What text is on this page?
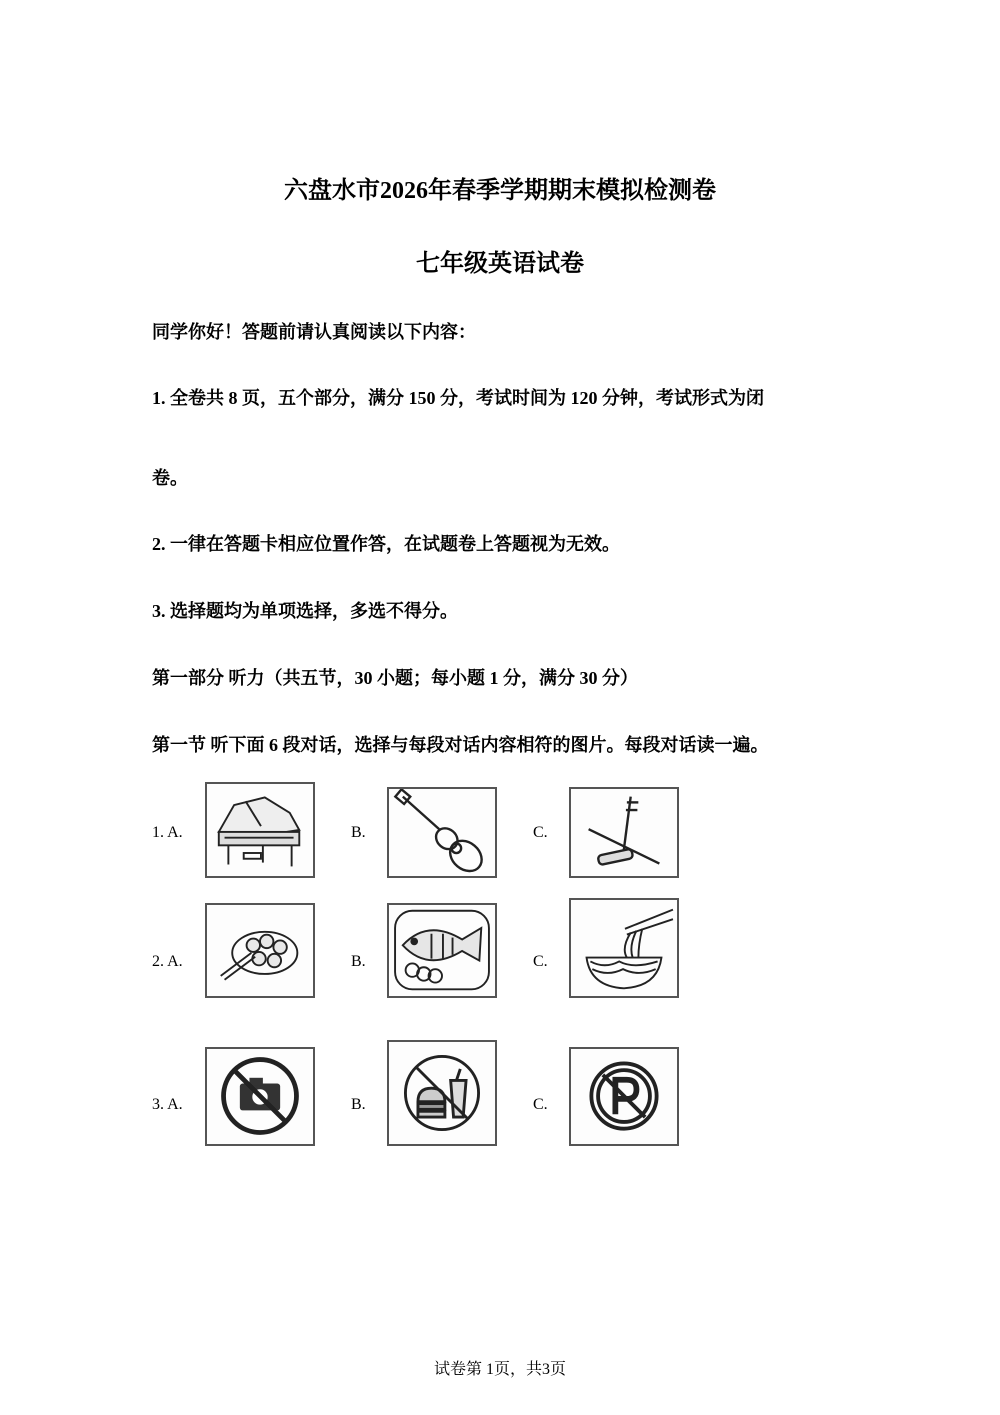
六盘水市2026年春季学期期末模拟检测卷
七年级英语试卷
同学你好！答题前请认真阅读以下内容：
1. 全卷共 8 页，五个部分，满分 150 分，考试时间为 120 分钟，考试形式为闭
卷。
2. 一律在答题卡相应位置作答，在试题卷上答题视为无效。
3. 选择题均为单项选择，多选不得分。
第一部分 听力（共五节，30 小题；每小题 1 分，满分 30 分）
第一节 听下面 6 段对话，选择与每段对话内容相符的图片。每段对话读一遍。
1. A.	B.	C.
2. A.	B.	C.
3. A.	B.	C.
试卷第 1页，共3页
